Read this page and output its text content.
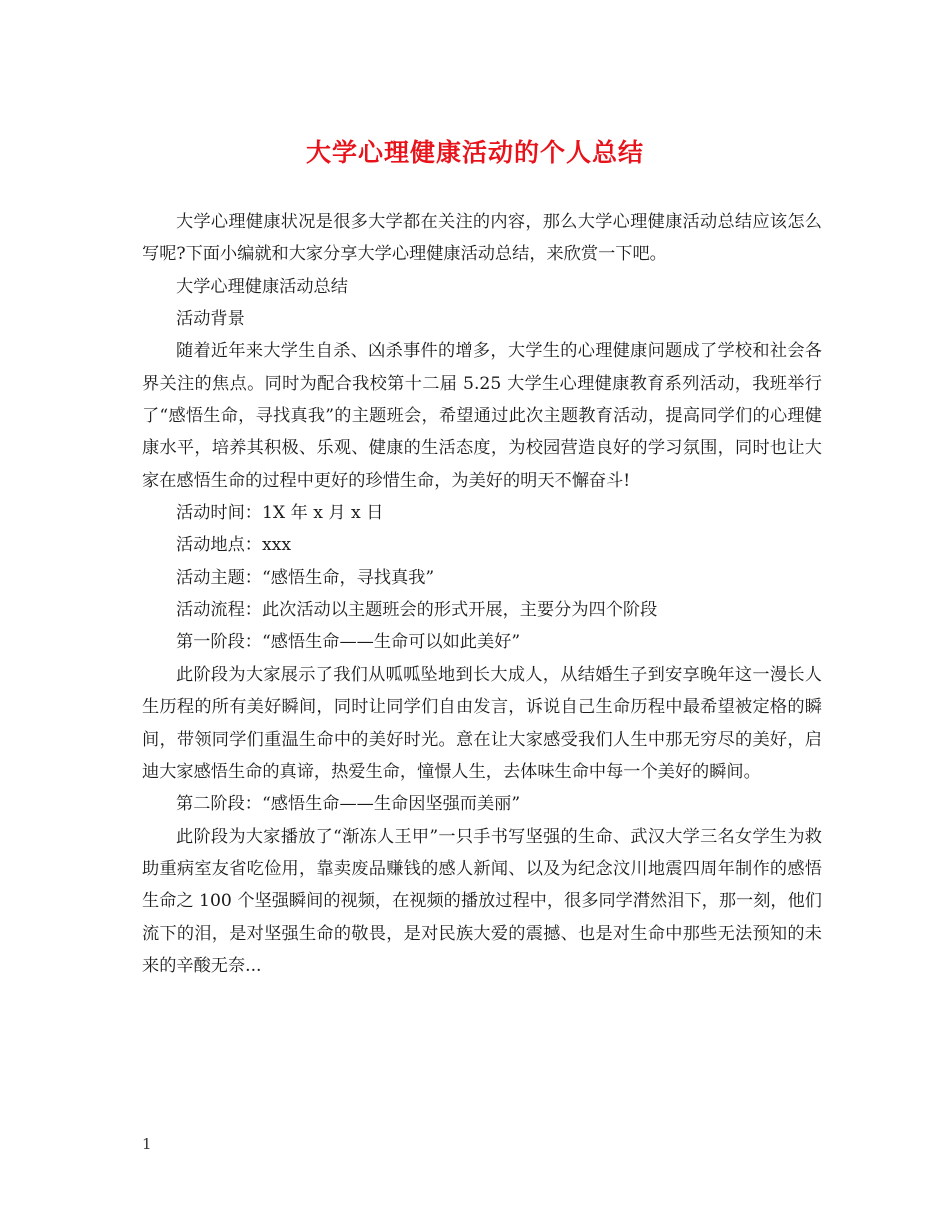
大学心理健康活动的个人总结

大学心理健康状况是很多大学都在关注的内容，那么大学心理健康活动总结应该怎么写呢?下面小编就和大家分享大学心理健康活动总结，来欣赏一下吧。

大学心理健康活动总结

活动背景

随着近年来大学生自杀、凶杀事件的增多，大学生的心理健康问题成了学校和社会各界关注的焦点。同时为配合我校第十二届 5.25 大学生心理健康教育系列活动，我班举行了“感悟生命，寻找真我”的主题班会，希望通过此次主题教育活动，提高同学们的心理健康水平，培养其积极、乐观、健康的生活态度，为校园营造良好的学习氛围，同时也让大家在感悟生命的过程中更好的珍惜生命，为美好的明天不懈奋斗!

活动时间：1X 年 x 月 x 日

活动地点：xxx

活动主题：“感悟生命，寻找真我”

活动流程：此次活动以主题班会的形式开展，主要分为四个阶段

第一阶段：“感悟生命——生命可以如此美好”

此阶段为大家展示了我们从呱呱坠地到长大成人，从结婚生子到安享晚年这一漫长人生历程的所有美好瞬间，同时让同学们自由发言，诉说自己生命历程中最希望被定格的瞬间，带领同学们重温生命中的美好时光。意在让大家感受我们人生中那无穷尽的美好，启迪大家感悟生命的真谛，热爱生命，憧憬人生，去体味生命中每一个美好的瞬间。

第二阶段：“感悟生命——生命因坚强而美丽”

此阶段为大家播放了“渐冻人王甲”一只手书写坚强的生命、武汉大学三名女学生为救助重病室友省吃俭用，靠卖废品赚钱的感人新闻、以及为纪念汶川地震四周年制作的感悟生命之 100 个坚强瞬间的视频，在视频的播放过程中，很多同学潸然泪下，那一刻，他们流下的泪，是对坚强生命的敬畏，是对民族大爱的震撼、也是对生命中那些无法预知的未来的辛酸无奈...

1
